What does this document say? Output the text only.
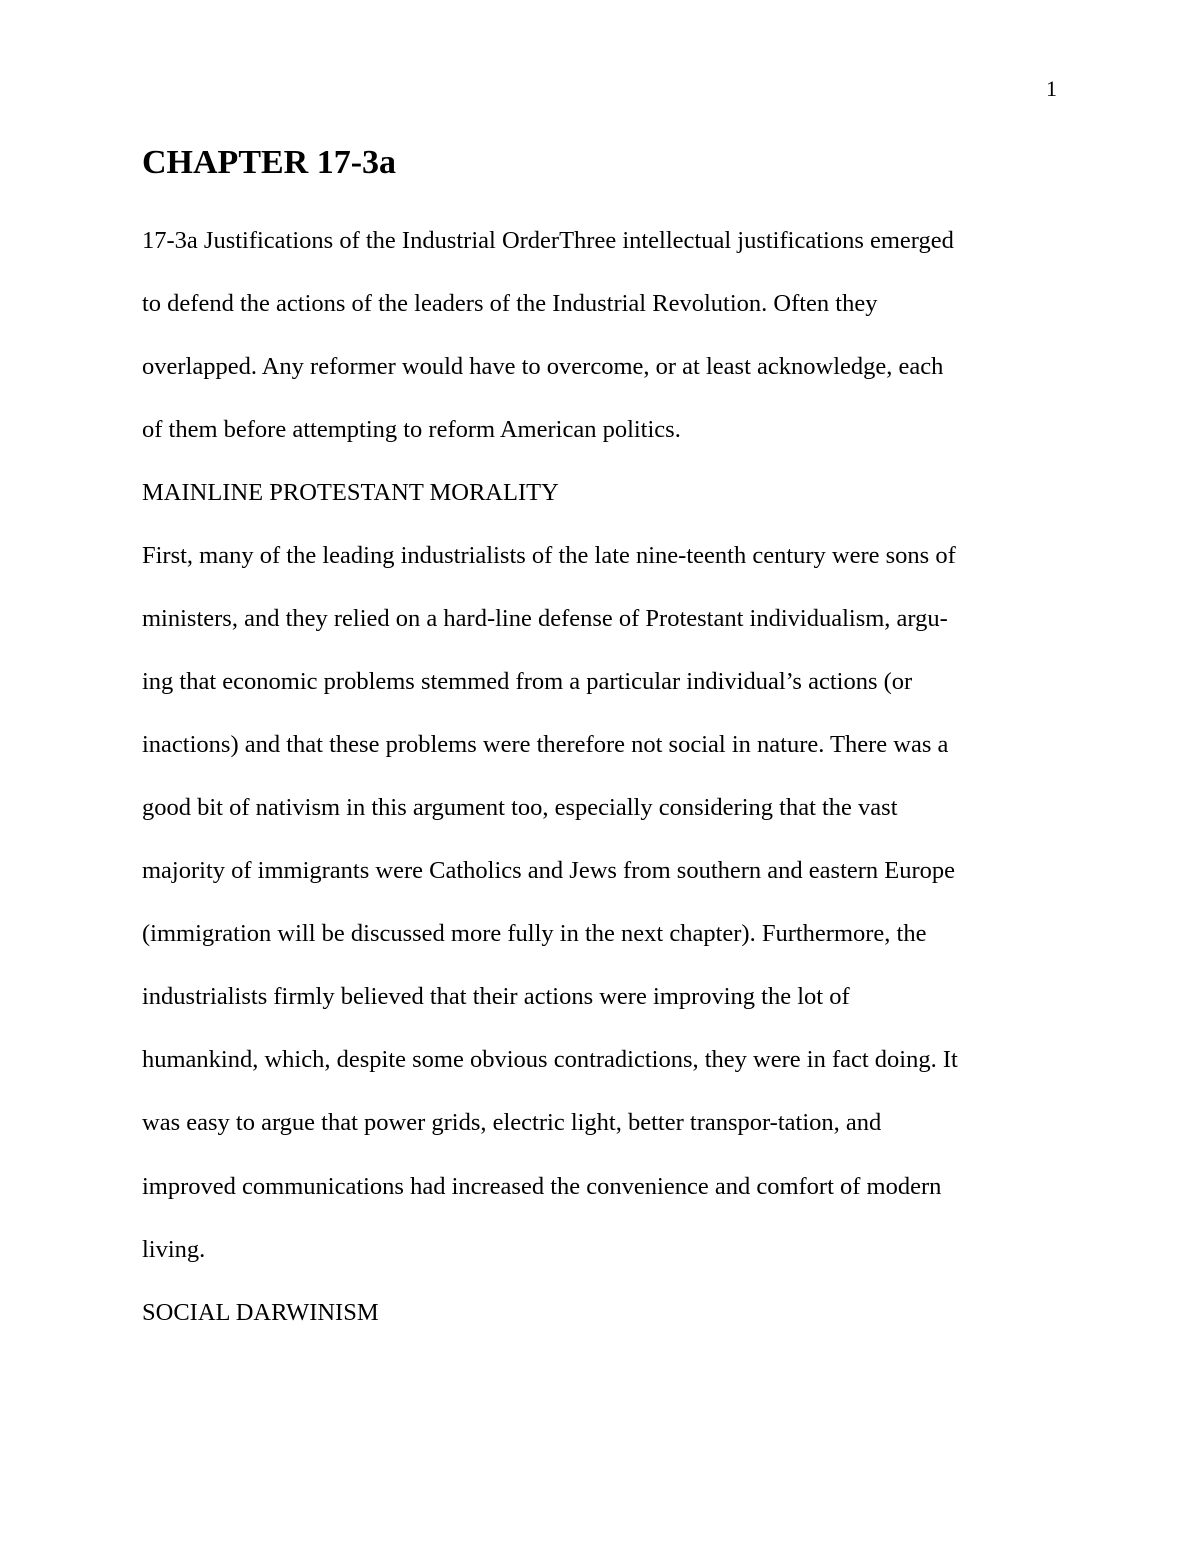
1
CHAPTER 17-3a
17-3a Justifications of the Industrial OrderThree intellectual justifications emerged
to defend the actions of the leaders of the Industrial Revolution. Often they
overlapped. Any reformer would have to overcome, or at least acknowledge, each
of them before attempting to reform American politics.
MAINLINE PROTESTANT MORALITY
First, many of the leading industrialists of the late nine-teenth century were sons of
ministers, and they relied on a hard-line defense of Protestant individualism, argu-
ing that economic problems stemmed from a particular individual’s actions (or
inactions) and that these problems were therefore not social in nature. There was a
good bit of nativism in this argument too, especially considering that the vast
majority of immigrants were Catholics and Jews from southern and eastern Europe
(immigration will be discussed more fully in the next chapter). Furthermore, the
industrialists firmly believed that their actions were improving the lot of
humankind, which, despite some obvious contradictions, they were in fact doing. It
was easy to argue that power grids, electric light, better transpor-tation, and
improved communications had increased the convenience and comfort of modern
living.
SOCIAL DARWINISM
